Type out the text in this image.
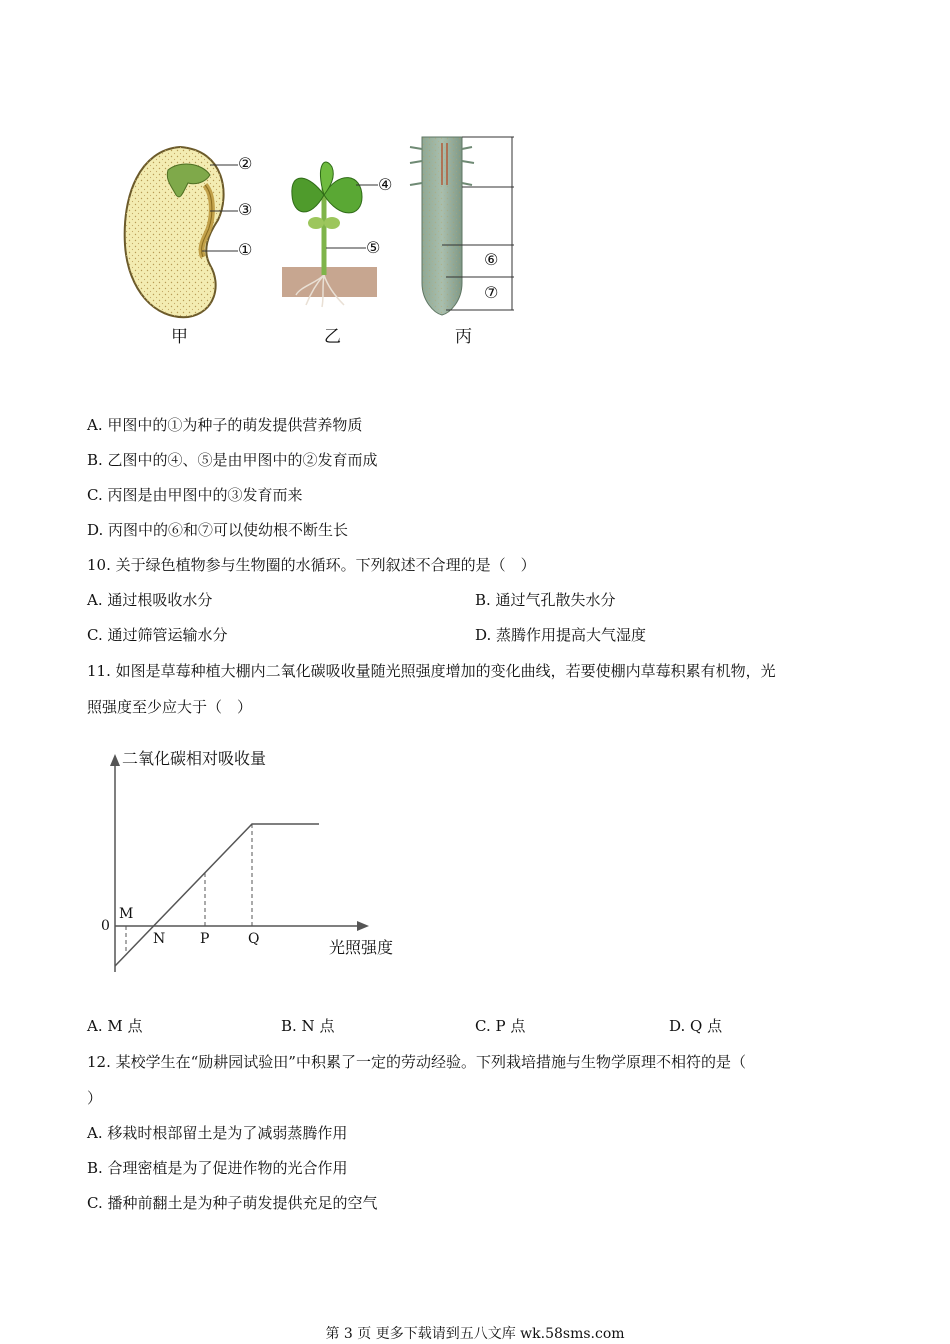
②
③
①
④
⑤
⑥
⑦
甲	乙	丙
A. 甲图中的①为种子的萌发提供营养物质
B. 乙图中的④、⑤是由甲图中的②发育而成
C. 丙图是由甲图中的③发育而来
D. 丙图中的⑥和⑦可以使幼根不断生长
10. 关于绿色植物参与生物圈的水循环。下列叙述不合理的是（　）
A. 通过根吸收水分	B. 通过气孔散失水分
C. 通过筛管运输水分	D. 蒸腾作用提高大气湿度
11. 如图是草莓种植大棚内二氧化碳吸收量随光照强度增加的变化曲线，若要使棚内草莓积累有机物，光
照强度至少应大于（　）
二氧化碳相对吸收量
光照强度
0
M
N P	Q
A. M 点	B. N 点	C. P 点	D. Q 点
12. 某校学生在“励耕园试验田”中积累了一定的劳动经验。下列栽培措施与生物学原理不相符的是（
）
A. 移栽时根部留土是为了减弱蒸腾作用
B. 合理密植是为了促进作物的光合作用
C. 播种前翻土是为种子萌发提供充足的空气
第 3 页 更多下载请到五八文库 wk.58sms.com
